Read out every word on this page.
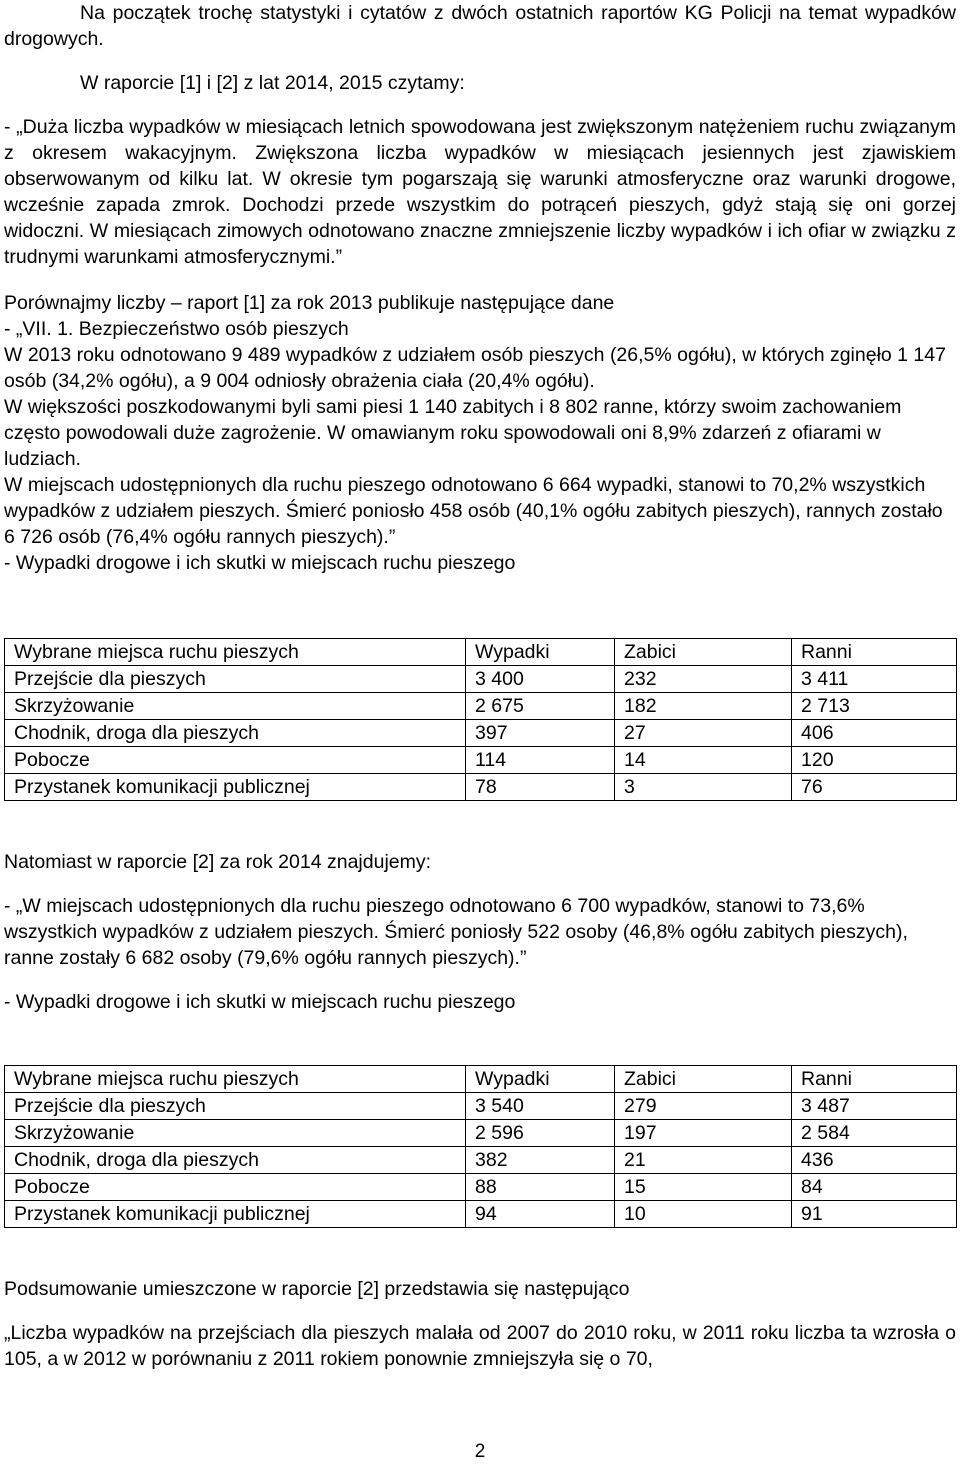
Na początek trochę statystyki i cytatów z dwóch ostatnich raportów KG Policji na temat wypadków drogowych.

W raporcie [1] i [2] z lat 2014, 2015 czytamy:

- „Duża liczba wypadków w miesiącach letnich spowodowana jest zwiększonym natężeniem ruchu związanym z okresem wakacyjnym. Zwiększona liczba wypadków w miesiącach jesiennych jest zjawiskiem obserwowanym od kilku lat. W okresie tym pogarszają się warunki atmosferyczne oraz warunki drogowe, wcześnie zapada zmrok. Dochodzi przede wszystkim do potrąceń pieszych, gdyż stają się oni gorzej widoczni. W miesiącach zimowych odnotowano znaczne zmniejszenie liczby wypadków i ich ofiar w związku z trudnymi warunkami atmosferycznymi.”

Porównajmy liczby – raport [1] za rok 2013 publikuje następujące dane

- „VII. 1. Bezpieczeństwo osób pieszych

W 2013 roku odnotowano 9 489 wypadków z udziałem osób pieszych (26,5% ogółu), w których zginęło 1 147 osób (34,2% ogółu), a 9 004 odniosły obrażenia ciała (20,4% ogółu).

W większości poszkodowanymi byli sami piesi 1 140 zabitych i 8 802 ranne, którzy swoim zachowaniem często powodowali duże zagrożenie. W omawianym roku spowodowali oni 8,9% zdarzeń z ofiarami w ludziach.

W miejscach udostępnionych dla ruchu pieszego odnotowano 6 664 wypadki, stanowi to 70,2% wszystkich wypadków z udziałem pieszych. Śmierć poniosło 458 osób (40,1% ogółu zabitych pieszych), rannych zostało 6 726 osób (76,4% ogółu rannych pieszych).”

- Wypadki drogowe i ich skutki w miejscach ruchu pieszego

Wybrane miejsca ruchu pieszych	Wypadki	Zabici	Ranni
Przejście dla pieszych	3 400	232	3 411
Skrzyżowanie	2 675	182	2 713
Chodnik, droga dla pieszych	397	27	406
Pobocze	114	14	120
Przystanek komunikacji publicznej	78	3	76

Natomiast w raporcie [2] za rok 2014 znajdujemy:

- „W miejscach udostępnionych dla ruchu pieszego odnotowano 6 700 wypadków, stanowi to 73,6% wszystkich wypadków z udziałem pieszych. Śmierć poniosły 522 osoby (46,8% ogółu zabitych pieszych), ranne zostały 6 682 osoby (79,6% ogółu rannych pieszych).”

- Wypadki drogowe i ich skutki w miejscach ruchu pieszego

Wybrane miejsca ruchu pieszych	Wypadki	Zabici	Ranni
Przejście dla pieszych	3 540	279	3 487
Skrzyżowanie	2 596	197	2 584
Chodnik, droga dla pieszych	382	21	436
Pobocze	88	15	84
Przystanek komunikacji publicznej	94	10	91

Podsumowanie umieszczone w raporcie [2] przedstawia się następująco

„Liczba wypadków na przejściach dla pieszych malała od 2007 do 2010 roku, w 2011 roku liczba ta wzrosła o 105, a w 2012 w porównaniu z 2011 rokiem ponownie zmniejszyła się o 70,

2
